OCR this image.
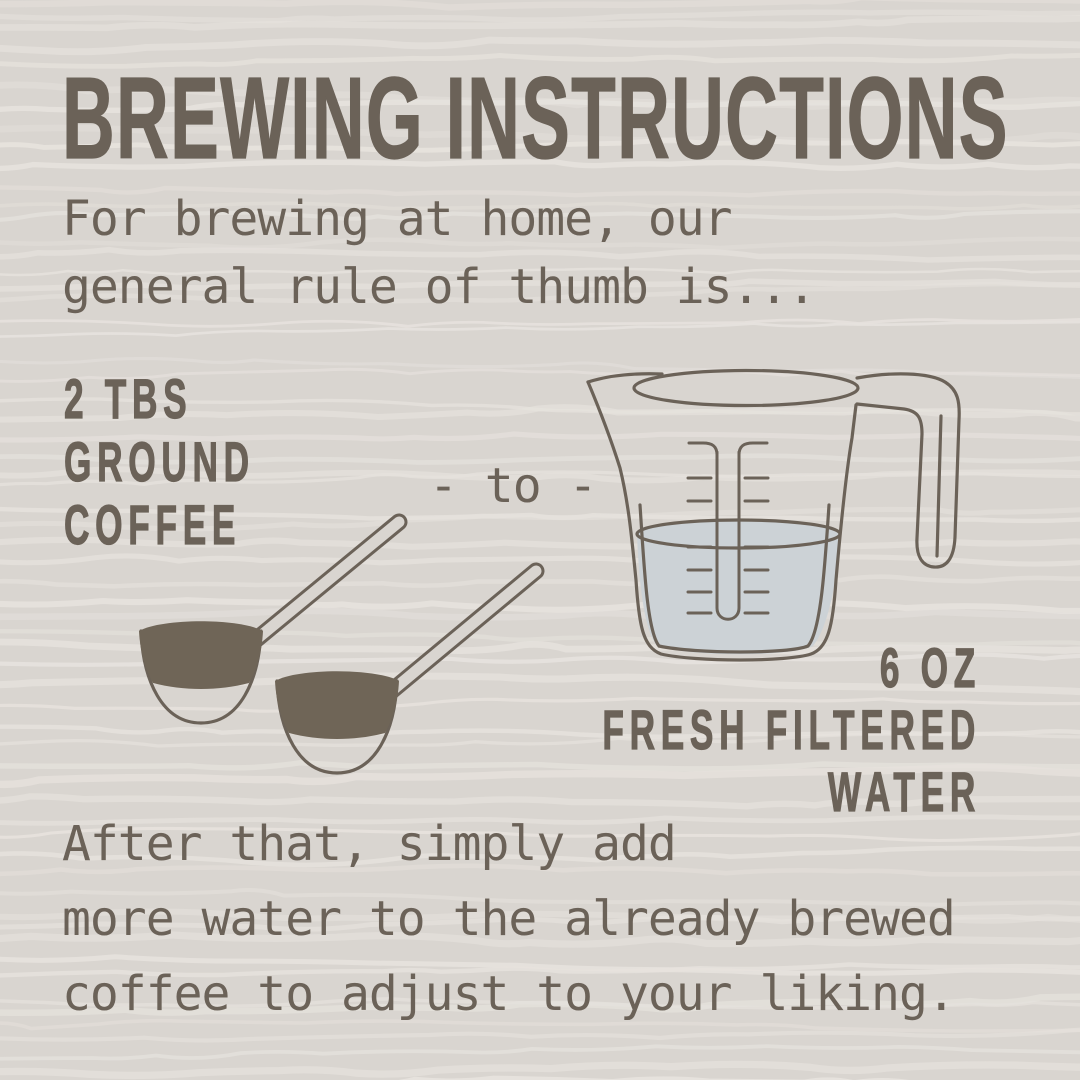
BREWING INSTRUCTIONS
For brewing at home, our
general rule of thumb is...
2 TBS
GROUND
COFFEE
- to -
6 OZ
FRESH FILTERED
WATER
After that, simply add
more water to the already brewed
coffee to adjust to your liking.
